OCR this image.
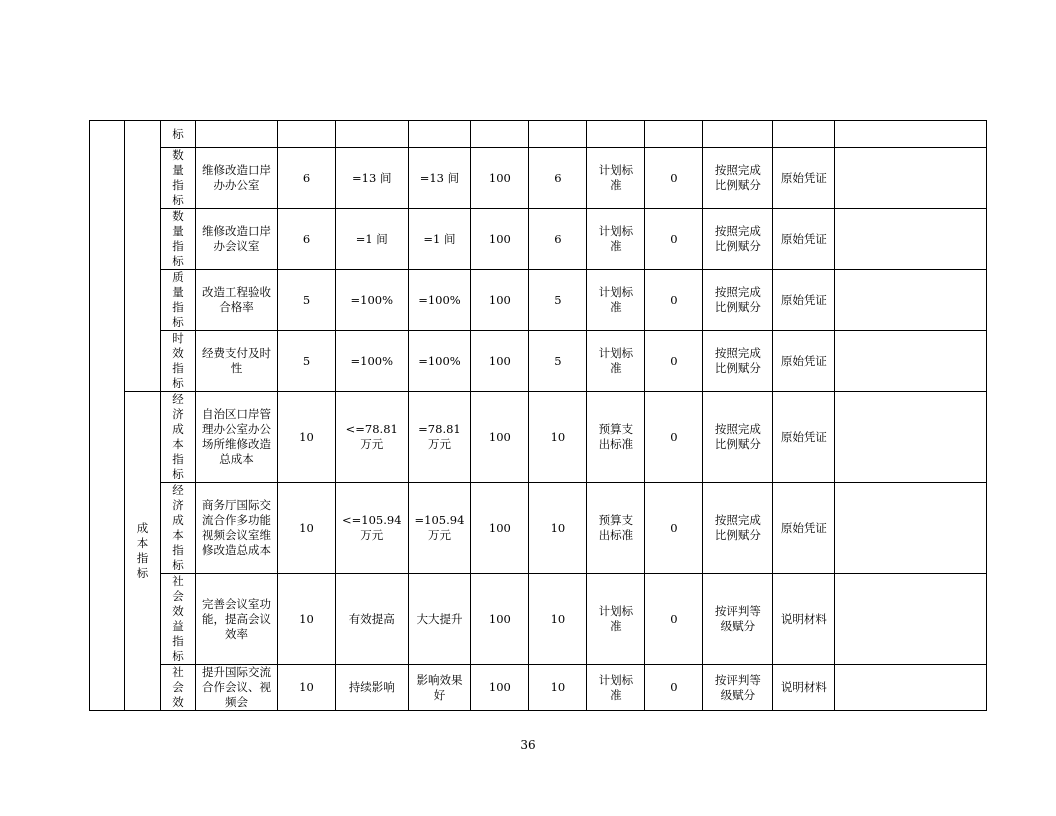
		标											

		数量指标	维修改造口岸办办公室	6	=13 间	=13 间	100	6	计划标准	0	按照完成比例赋分	原始凭证	

		数量指标	维修改造口岸办会议室	6	=1 间	=1 间	100	6	计划标准	0	按照完成比例赋分	原始凭证	

		质量指标	改造工程验收合格率	5	=100%	=100%	100	5	计划标准	0	按照完成比例赋分	原始凭证	

		时效指标	经费支付及时性	5	=100%	=100%	100	5	计划标准	0	按照完成比例赋分	原始凭证	

	成本指标	经济成本指标	自治区口岸管理办公室办公场所维修改造总成本	10	<=78.81 万元	=78.81 万元	100	10	预算支出标准	0	按照完成比例赋分	原始凭证	

		经济成本指标	商务厅国际交流合作多功能视频会议室维修改造总成本	10	<=105.94 万元	=105.94 万元	100	10	预算支出标准	0	按照完成比例赋分	原始凭证	

		社会效益指标	完善会议室功能，提高会议效率	10	有效提高	大大提升	100	10	计划标准	0	按评判等级赋分	说明材料	

		社会效	提升国际交流合作会议、视频会	10	持续影响	影响效果好	100	10	计划标准	0	按评判等级赋分	说明材料	

36
